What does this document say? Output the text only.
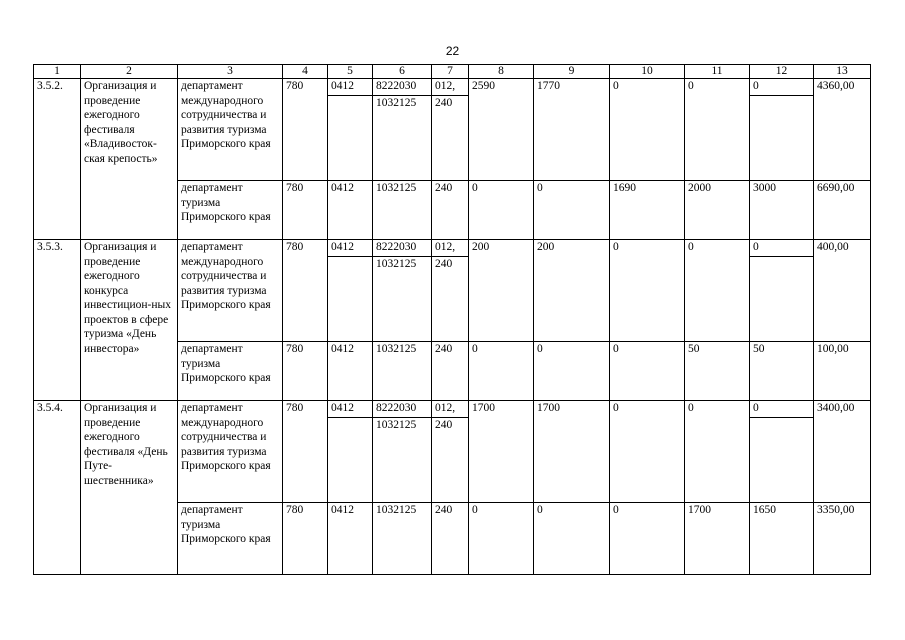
22
1	2	3	4	5	6	7	8	9	10	11	12	13
3.5.2.	Организация и проведение ежегодного фестиваля «Владивосток-ская крепость»	департамент международного сотрудничества и развития туризма Приморского края	780	0412	8222030	012,	2590	1770	0	0	0	4360,00
					1032125	240						
		департамент туризма Приморского края	780	0412	1032125	240	0	0	1690	2000	3000	6690,00
3.5.3.	Организация и проведение ежегодного конкурса инвестицион-ных проектов в сфере туризма «День инвестора»	департамент международного сотрудничества и развития туризма Приморского края	780	0412	8222030	012,	200	200	0	0	0	400,00
					1032125	240						
		департамент туризма Приморского края	780	0412	1032125	240	0	0	0	50	50	100,00
3.5.4.	Организация и проведение ежегодного фестиваля «День Путе-шественника»	департамент международного сотрудничества и развития туризма Приморского края	780	0412	8222030	012,	1700	1700	0	0	0	3400,00
					1032125	240						
		департамент туризма Приморского края	780	0412	1032125	240	0	0	0	1700	1650	3350,00
